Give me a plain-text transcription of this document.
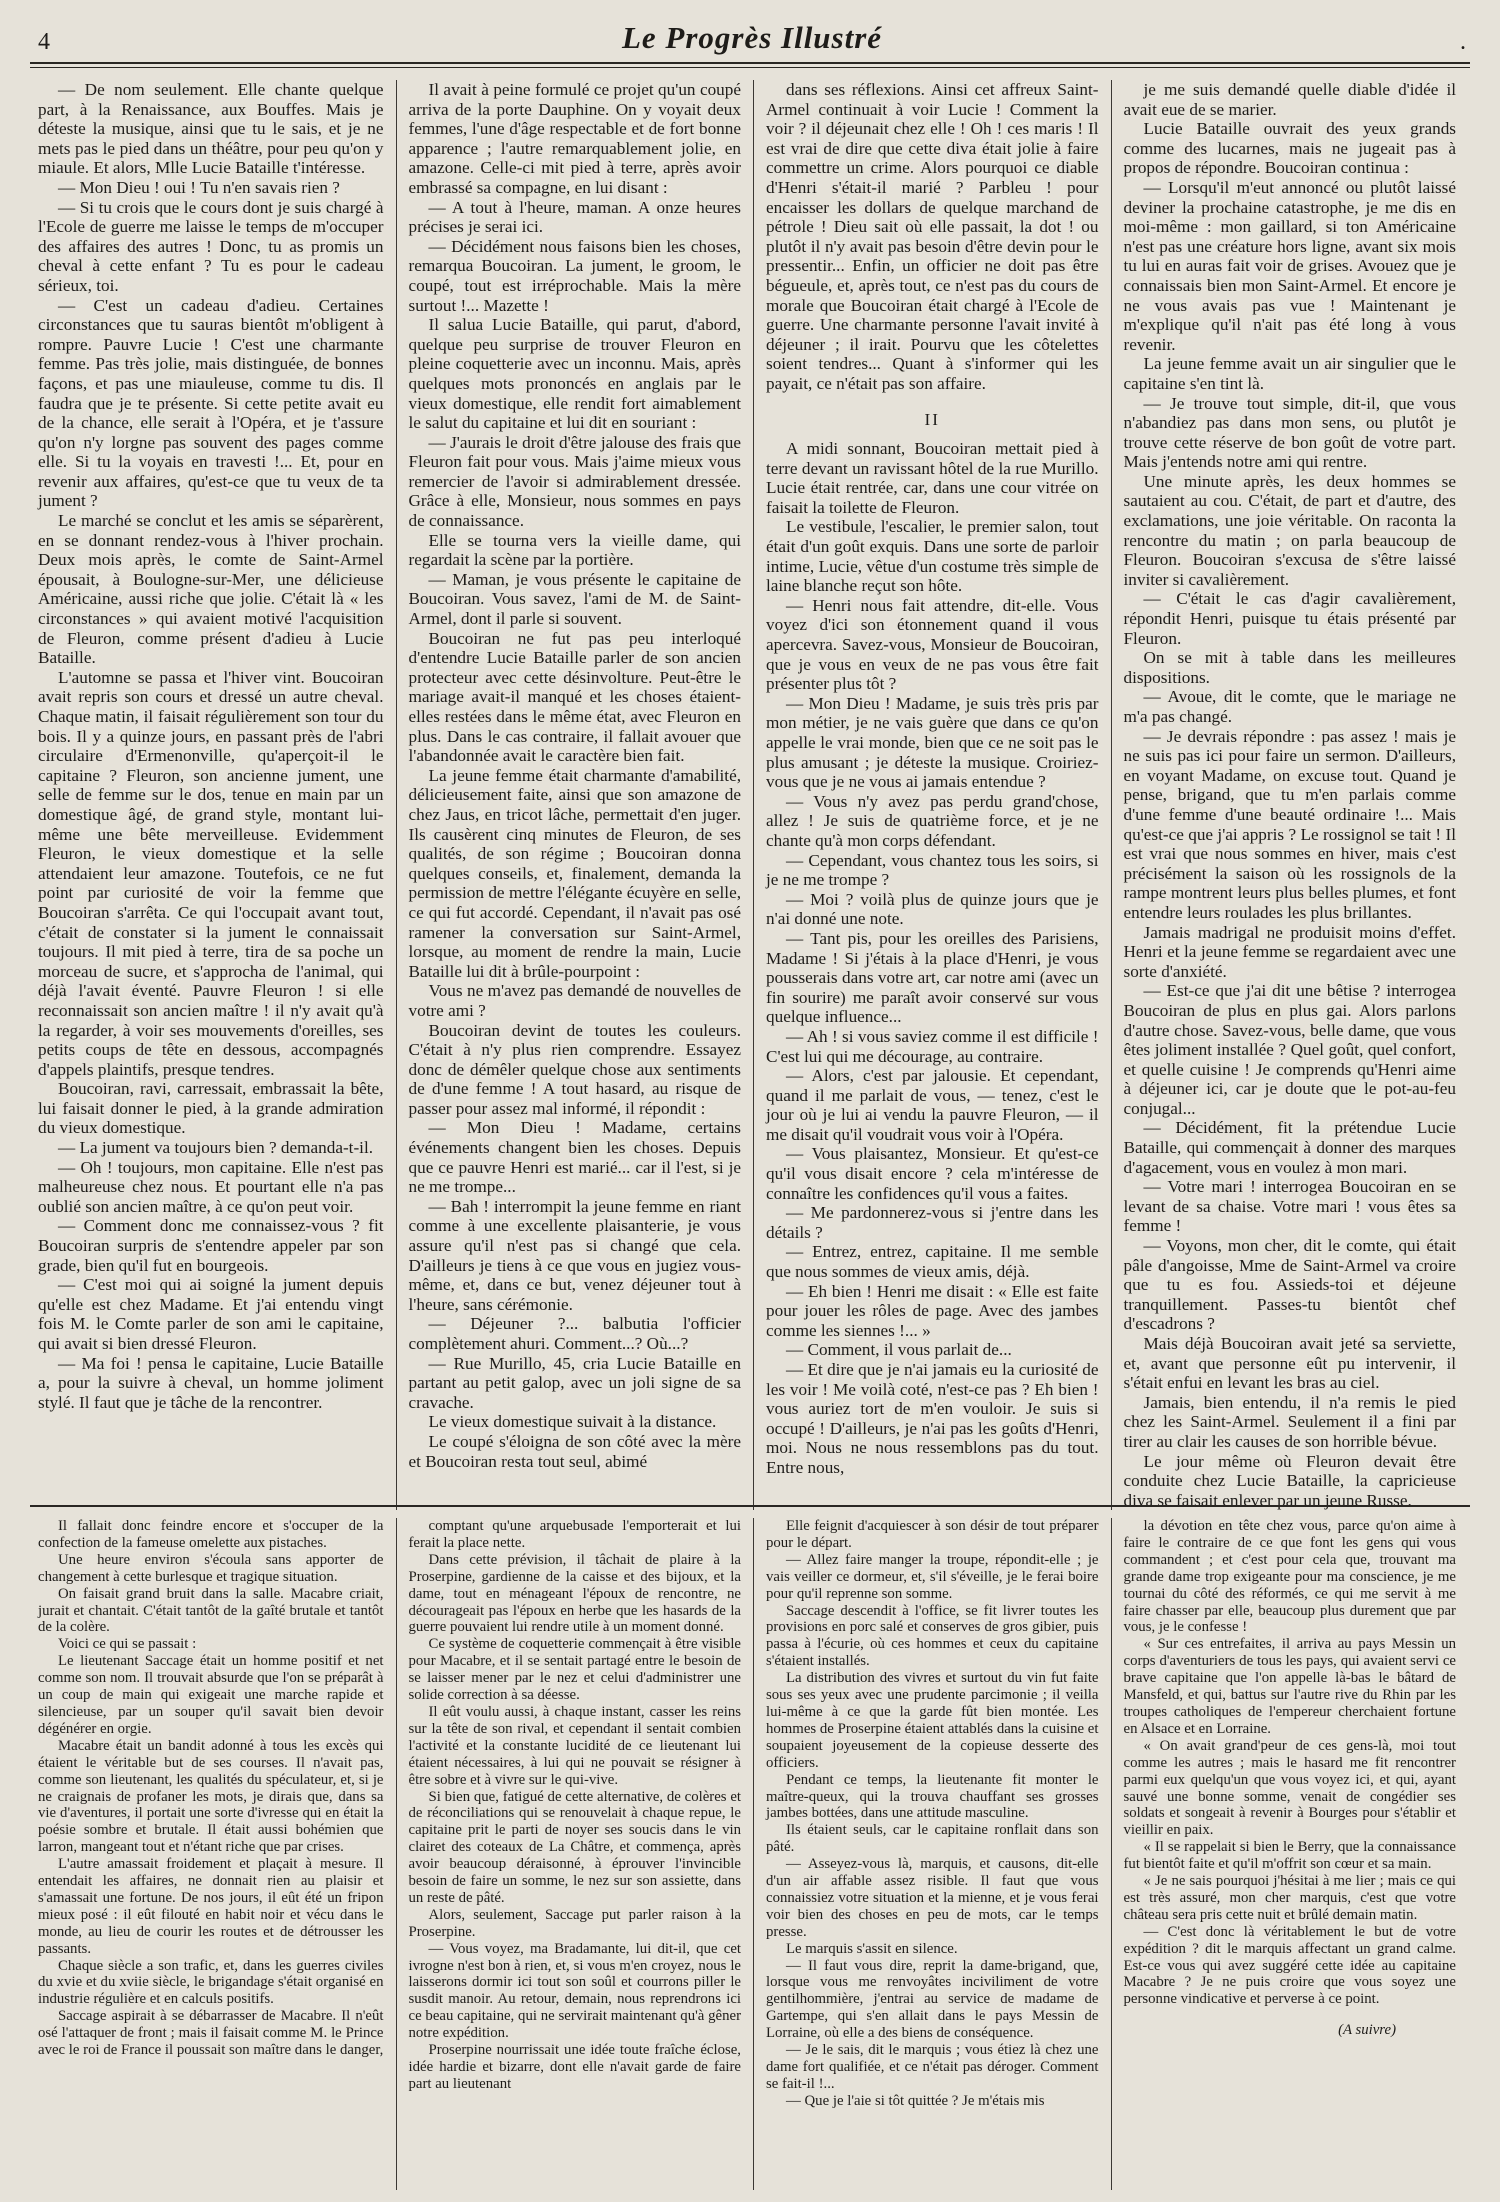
4	Le Progrès Illustré	.

— De nom seulement. Elle chante quelque part, à la Renaissance, aux Bouffes. Mais je déteste la musique, ainsi que tu le sais, et je ne mets pas le pied dans un théâtre, pour peu qu'on y miaule. Et alors, Mlle Lucie Bataille t'intéresse.

— Mon Dieu ! oui ! Tu n'en savais rien ?

— Si tu crois que le cours dont je suis chargé à l'Ecole de guerre me laisse le temps de m'occuper des affaires des autres ! Donc, tu as promis un cheval à cette enfant ? Tu es pour le cadeau sérieux, toi.

— C'est un cadeau d'adieu. Certaines circonstances que tu sauras bientôt m'obligent à rompre. Pauvre Lucie ! C'est une charmante femme. Pas très jolie, mais distinguée, de bonnes façons, et pas une miauleuse, comme tu dis. Il faudra que je te présente. Si cette petite avait eu de la chance, elle serait à l'Opéra, et je t'assure qu'on n'y lorgne pas souvent des pages comme elle. Si tu la voyais en travesti !... Et, pour en revenir aux affaires, qu'est-ce que tu veux de ta jument ?

Le marché se conclut et les amis se séparèrent, en se donnant rendez-vous à l'hiver prochain. Deux mois après, le comte de Saint-Armel épousait, à Boulogne-sur-Mer, une délicieuse Américaine, aussi riche que jolie. C'était là « les circonstances » qui avaient motivé l'acquisition de Fleuron, comme présent d'adieu à Lucie Bataille.

L'automne se passa et l'hiver vint. Boucoiran avait repris son cours et dressé un autre cheval. Chaque matin, il faisait régulièrement son tour du bois. Il y a quinze jours, en passant près de l'abri circulaire d'Ermenonville, qu'aperçoit-il le capitaine ? Fleuron, son ancienne jument, une selle de femme sur le dos, tenue en main par un domestique âgé, de grand style, montant lui-même une bête merveilleuse. Evidemment Fleuron, le vieux domestique et la selle attendaient leur amazone. Toutefois, ce ne fut point par curiosité de voir la femme que Boucoiran s'arrêta. Ce qui l'occupait avant tout, c'était de constater si la jument le connaissait toujours. Il mit pied à terre, tira de sa poche un morceau de sucre, et s'approcha de l'animal, qui déjà l'avait éventé. Pauvre Fleuron ! si elle reconnaissait son ancien maître ! il n'y avait qu'à la regarder, à voir ses mouvements d'oreilles, ses petits coups de tête en dessous, accompagnés d'appels plaintifs, presque tendres.

Boucoiran, ravi, carressait, embrassait la bête, lui faisait donner le pied, à la grande admiration du vieux domestique.

— La jument va toujours bien ? demanda-t-il.

— Oh ! toujours, mon capitaine. Elle n'est pas malheureuse chez nous. Et pourtant elle n'a pas oublié son ancien maître, à ce qu'on peut voir.

— Comment donc me connaissez-vous ? fit Boucoiran surpris de s'entendre appeler par son grade, bien qu'il fut en bourgeois.

— C'est moi qui ai soigné la jument depuis qu'elle est chez Madame. Et j'ai entendu vingt fois M. le Comte parler de son ami le capitaine, qui avait si bien dressé Fleuron.

— Ma foi ! pensa le capitaine, Lucie Bataille a, pour la suivre à cheval, un homme joliment stylé. Il faut que je tâche de la rencontrer.

Il avait à peine formulé ce projet qu'un coupé arriva de la porte Dauphine. On y voyait deux femmes, l'une d'âge respectable et de fort bonne apparence ; l'autre remarquablement jolie, en amazone. Celle-ci mit pied à terre, après avoir embrassé sa compagne, en lui disant :

— A tout à l'heure, maman. A onze heures précises je serai ici.

— Décidément nous faisons bien les choses, remarqua Boucoiran. La jument, le groom, le coupé, tout est irréprochable. Mais la mère surtout !... Mazette !

Il salua Lucie Bataille, qui parut, d'abord, quelque peu surprise de trouver Fleuron en pleine coquetterie avec un inconnu. Mais, après quelques mots prononcés en anglais par le vieux domestique, elle rendit fort aimablement le salut du capitaine et lui dit en souriant :

— J'aurais le droit d'être jalouse des frais que Fleuron fait pour vous. Mais j'aime mieux vous remercier de l'avoir si admirablement dressée. Grâce à elle, Monsieur, nous sommes en pays de connaissance.

Elle se tourna vers la vieille dame, qui regardait la scène par la portière.

— Maman, je vous présente le capitaine de Boucoiran. Vous savez, l'ami de M. de Saint-Armel, dont il parle si souvent.

Boucoiran ne fut pas peu interloqué d'entendre Lucie Bataille parler de son ancien protecteur avec cette désinvolture. Peut-être le mariage avait-il manqué et les choses étaient-elles restées dans le même état, avec Fleuron en plus. Dans le cas contraire, il fallait avouer que l'abandonnée avait le caractère bien fait.

La jeune femme était charmante d'amabilité, délicieusement faite, ainsi que son amazone de chez Jaus, en tricot lâche, permettait d'en juger. Ils causèrent cinq minutes de Fleuron, de ses qualités, de son régime ; Boucoiran donna quelques conseils, et, finalement, demanda la permission de mettre l'élégante écuyère en selle, ce qui fut accordé. Cependant, il n'avait pas osé ramener la conversation sur Saint-Armel, lorsque, au moment de rendre la main, Lucie Bataille lui dit à brûle-pourpoint :

Vous ne m'avez pas demandé de nouvelles de votre ami ?

Boucoiran devint de toutes les couleurs. C'était à n'y plus rien comprendre. Essayez donc de démêler quelque chose aux sentiments de d'une femme ! A tout hasard, au risque de passer pour assez mal informé, il répondit :

— Mon Dieu ! Madame, certains événements changent bien les choses. Depuis que ce pauvre Henri est marié... car il l'est, si je ne me trompe...

— Bah ! interrompit la jeune femme en riant comme à une excellente plaisanterie, je vous assure qu'il n'est pas si changé que cela. D'ailleurs je tiens à ce que vous en jugiez vous-même, et, dans ce but, venez déjeuner tout à l'heure, sans cérémonie.

— Déjeuner ?... balbutia l'officier complètement ahuri. Comment...? Où...?

— Rue Murillo, 45, cria Lucie Bataille en partant au petit galop, avec un joli signe de sa cravache.

Le vieux domestique suivait à la distance.

Le coupé s'éloigna de son côté avec la mère et Boucoiran resta tout seul, abimé

dans ses réflexions. Ainsi cet affreux Saint-Armel continuait à voir Lucie ! Comment la voir ? il déjeunait chez elle ! Oh ! ces maris ! Il est vrai de dire que cette diva était jolie à faire commettre un crime. Alors pourquoi ce diable d'Henri s'était-il marié ? Parbleu ! pour encaisser les dollars de quelque marchand de pétrole ! Dieu sait où elle passait, la dot ! ou plutôt il n'y avait pas besoin d'être devin pour le pressentir... Enfin, un officier ne doit pas être bégueule, et, après tout, ce n'est pas du cours de morale que Boucoiran était chargé à l'Ecole de guerre. Une charmante personne l'avait invité à déjeuner ; il irait. Pourvu que les côtelettes soient tendres... Quant à s'informer qui les payait, ce n'était pas son affaire.

II

A midi sonnant, Boucoiran mettait pied à terre devant un ravissant hôtel de la rue Murillo. Lucie était rentrée, car, dans une cour vitrée on faisait la toilette de Fleuron.

Le vestibule, l'escalier, le premier salon, tout était d'un goût exquis. Dans une sorte de parloir intime, Lucie, vêtue d'un costume très simple de laine blanche reçut son hôte.

— Henri nous fait attendre, dit-elle. Vous voyez d'ici son étonnement quand il vous apercevra. Savez-vous, Monsieur de Boucoiran, que je vous en veux de ne pas vous être fait présenter plus tôt ?

— Mon Dieu ! Madame, je suis très pris par mon métier, je ne vais guère que dans ce qu'on appelle le vrai monde, bien que ce ne soit pas le plus amusant ; je déteste la musique. Croiriez-vous que je ne vous ai jamais entendue ?

— Vous n'y avez pas perdu grand'chose, allez ! Je suis de quatrième force, et je ne chante qu'à mon corps défendant.

— Cependant, vous chantez tous les soirs, si je ne me trompe ?

— Moi ? voilà plus de quinze jours que je n'ai donné une note.

— Tant pis, pour les oreilles des Parisiens, Madame ! Si j'étais à la place d'Henri, je vous pousserais dans votre art, car notre ami (avec un fin sourire) me paraît avoir conservé sur vous quelque influence...

— Ah ! si vous saviez comme il est difficile ! C'est lui qui me décourage, au contraire.

— Alors, c'est par jalousie. Et cependant, quand il me parlait de vous, — tenez, c'est le jour où je lui ai vendu la pauvre Fleuron, — il me disait qu'il voudrait vous voir à l'Opéra.

— Vous plaisantez, Monsieur. Et qu'est-ce qu'il vous disait encore ? cela m'intéresse de connaître les confidences qu'il vous a faites.

— Me pardonnerez-vous si j'entre dans les détails ?

— Entrez, entrez, capitaine. Il me semble que nous sommes de vieux amis, déjà.

— Eh bien ! Henri me disait : « Elle est faite pour jouer les rôles de page. Avec des jambes comme les siennes !... »

— Comment, il vous parlait de...

— Et dire que je n'ai jamais eu la curiosité de les voir ! Me voilà coté, n'est-ce pas ? Eh bien ! vous auriez tort de m'en vouloir. Je suis si occupé ! D'ailleurs, je n'ai pas les goûts d'Henri, moi. Nous ne nous ressemblons pas du tout. Entre nous,

je me suis demandé quelle diable d'idée il avait eue de se marier.

Lucie Bataille ouvrait des yeux grands comme des lucarnes, mais ne jugeait pas à propos de répondre. Boucoiran continua :

— Lorsqu'il m'eut annoncé ou plutôt laissé deviner la prochaine catastrophe, je me dis en moi-même : mon gaillard, si ton Américaine n'est pas une créature hors ligne, avant six mois tu lui en auras fait voir de grises. Avouez que je connaissais bien mon Saint-Armel. Et encore je ne vous avais pas vue ! Maintenant je m'explique qu'il n'ait pas été long à vous revenir.

La jeune femme avait un air singulier que le capitaine s'en tint là.

— Je trouve tout simple, dit-il, que vous n'abandiez pas dans mon sens, ou plutôt je trouve cette réserve de bon goût de votre part. Mais j'entends notre ami qui rentre.

Une minute après, les deux hommes se sautaient au cou. C'était, de part et d'autre, des exclamations, une joie véritable. On raconta la rencontre du matin ; on parla beaucoup de Fleuron. Boucoiran s'excusa de s'être laissé inviter si cavalièrement.

— C'était le cas d'agir cavalièrement, répondit Henri, puisque tu étais présenté par Fleuron.

On se mit à table dans les meilleures dispositions.

— Avoue, dit le comte, que le mariage ne m'a pas changé.

— Je devrais répondre : pas assez ! mais je ne suis pas ici pour faire un sermon. D'ailleurs, en voyant Madame, on excuse tout. Quand je pense, brigand, que tu m'en parlais comme d'une femme d'une beauté ordinaire !... Mais qu'est-ce que j'ai appris ? Le rossignol se tait ! Il est vrai que nous sommes en hiver, mais c'est précisément la saison où les rossignols de la rampe montrent leurs plus belles plumes, et font entendre leurs roulades les plus brillantes.

Jamais madrigal ne produisit moins d'effet. Henri et la jeune femme se regardaient avec une sorte d'anxiété.

— Est-ce que j'ai dit une bêtise ? interrogea Boucoiran de plus en plus gai. Alors parlons d'autre chose. Savez-vous, belle dame, que vous êtes joliment installée ? Quel goût, quel confort, et quelle cuisine ! Je comprends qu'Henri aime à déjeuner ici, car je doute que le pot-au-feu conjugal...

— Décidément, fit la prétendue Lucie Bataille, qui commençait à donner des marques d'agacement, vous en voulez à mon mari.

— Votre mari ! interrogea Boucoiran en se levant de sa chaise. Votre mari ! vous êtes sa femme !

— Voyons, mon cher, dit le comte, qui était pâle d'angoisse, Mme de Saint-Armel va croire que tu es fou. Assieds-toi et déjeune tranquillement. Passes-tu bientôt chef d'escadrons ?

Mais déjà Boucoiran avait jeté sa serviette, et, avant que personne eût pu intervenir, il s'était enfui en levant les bras au ciel.

Jamais, bien entendu, il n'a remis le pied chez les Saint-Armel. Seulement il a fini par tirer au clair les causes de son horrible bévue.

Le jour même où Fleuron devait être conduite chez Lucie Bataille, la capricieuse diva se faisait enlever par un jeune Russe.

Il fallait donc feindre encore et s'occuper de la confection de la fameuse omelette aux pistaches.

Une heure environ s'écoula sans apporter de changement à cette burlesque et tragique situation.

On faisait grand bruit dans la salle. Macabre criait, jurait et chantait. C'était tantôt de la gaîté brutale et tantôt de la colère.

Voici ce qui se passait :

Le lieutenant Saccage était un homme positif et net comme son nom. Il trouvait absurde que l'on se préparât à un coup de main qui exigeait une marche rapide et silencieuse, par un souper qu'il savait bien devoir dégénérer en orgie.

Macabre était un bandit adonné à tous les excès qui étaient le véritable but de ses courses. Il n'avait pas, comme son lieutenant, les qualités du spéculateur, et, si je ne craignais de profaner les mots, je dirais que, dans sa vie d'aventures, il portait une sorte d'ivresse qui en était la poésie sombre et brutale. Il était aussi bohémien que larron, mangeant tout et n'étant riche que par crises.

L'autre amassait froidement et plaçait à mesure. Il entendait les affaires, ne donnait rien au plaisir et s'amassait une fortune. De nos jours, il eût été un fripon mieux posé : il eût filouté en habit noir et vécu dans le monde, au lieu de courir les routes et de détrousser les passants.

Chaque siècle a son trafic, et, dans les guerres civiles du xvie et du xviie siècle, le brigandage s'était organisé en industrie régulière et en calculs positifs.

Saccage aspirait à se débarrasser de Macabre. Il n'eût osé l'attaquer de front ; mais il faisait comme M. le Prince avec le roi de France il poussait son maître dans le danger,

comptant qu'une arquebusade l'emporterait et lui ferait la place nette.

Dans cette prévision, il tâchait de plaire à la Proserpine, gardienne de la caisse et des bijoux, et la dame, tout en ménageant l'époux de rencontre, ne décourageait pas l'époux en herbe que les hasards de la guerre pouvaient lui rendre utile à un moment donné.

Ce système de coquetterie commençait à être visible pour Macabre, et il se sentait partagé entre le besoin de se laisser mener par le nez et celui d'administrer une solide correction à sa déesse.

Il eût voulu aussi, à chaque instant, casser les reins sur la tête de son rival, et cependant il sentait combien l'activité et la constante lucidité de ce lieutenant lui étaient nécessaires, à lui qui ne pouvait se résigner à être sobre et à vivre sur le qui-vive.

Si bien que, fatigué de cette alternative, de colères et de réconciliations qui se renouvelait à chaque repue, le capitaine prit le parti de noyer ses soucis dans le vin clairet des coteaux de La Châtre, et commença, après avoir beaucoup déraisonné, à éprouver l'invincible besoin de faire un somme, le nez sur son assiette, dans un reste de pâté.

Alors, seulement, Saccage put parler raison à la Proserpine.

— Vous voyez, ma Bradamante, lui dit-il, que cet ivrogne n'est bon à rien, et, si vous m'en croyez, nous le laisserons dormir ici tout son soûl et courrons piller le susdit manoir. Au retour, demain, nous reprendrons ici ce beau capitaine, qui ne servirait maintenant qu'à gêner notre expédition.

Proserpine nourrissait une idée toute fraîche éclose, idée hardie et bizarre, dont elle n'avait garde de faire part au lieutenant

Elle feignit d'acquiescer à son désir de tout préparer pour le départ.

— Allez faire manger la troupe, répondit-elle ; je vais veiller ce dormeur, et, s'il s'éveille, je le ferai boire pour qu'il reprenne son somme.

Saccage descendit à l'office, se fit livrer toutes les provisions en porc salé et conserves de gros gibier, puis passa à l'écurie, où ces hommes et ceux du capitaine s'étaient installés.

La distribution des vivres et surtout du vin fut faite sous ses yeux avec une prudente parcimonie ; il veilla lui-même à ce que la garde fût bien montée. Les hommes de Proserpine étaient attablés dans la cuisine et soupaient joyeusement de la copieuse desserte des officiers.

Pendant ce temps, la lieutenante fit monter le maître-queux, qui la trouva chauffant ses grosses jambes bottées, dans une attitude masculine.

Ils étaient seuls, car le capitaine ronflait dans son pâté.

— Asseyez-vous là, marquis, et causons, dit-elle d'un air affable assez risible. Il faut que vous connaissiez votre situation et la mienne, et je vous ferai voir bien des choses en peu de mots, car le temps presse.

Le marquis s'assit en silence.

— Il faut vous dire, reprit la dame-brigand, que, lorsque vous me renvoyâtes inciviliment de votre gentilhommière, j'entrai au service de madame de Gartempe, qui s'en allait dans le pays Messin de Lorraine, où elle a des biens de conséquence.

— Je le sais, dit le marquis ; vous étiez là chez une dame fort qualifiée, et ce n'était pas déroger. Comment se fait-il !...

— Que je l'aie si tôt quittée ? Je m'étais mis

la dévotion en tête chez vous, parce qu'on aime à faire le contraire de ce que font les gens qui vous commandent ; et c'est pour cela que, trouvant ma grande dame trop exigeante pour ma conscience, je me tournai du côté des réformés, ce qui me servit à me faire chasser par elle, beaucoup plus durement que par vous, je le confesse !

« Sur ces entrefaites, il arriva au pays Messin un corps d'aventuriers de tous les pays, qui avaient servi ce brave capitaine que l'on appelle là-bas le bâtard de Mansfeld, et qui, battus sur l'autre rive du Rhin par les troupes catholiques de l'empereur cherchaient fortune en Alsace et en Lorraine.

« On avait grand'peur de ces gens-là, moi tout comme les autres ; mais le hasard me fit rencontrer parmi eux quelqu'un que vous voyez ici, et qui, ayant sauvé une bonne somme, venait de congédier ses soldats et songeait à revenir à Bourges pour s'établir et vieillir en paix.

« Il se rappelait si bien le Berry, que la connaissance fut bientôt faite et qu'il m'offrit son cœur et sa main.

« Je ne sais pourquoi j'hésitai à me lier ; mais ce qui est très assuré, mon cher marquis, c'est que votre château sera pris cette nuit et brûlé demain matin.

— C'est donc là véritablement le but de votre expédition ? dit le marquis affectant un grand calme. Est-ce vous qui avez suggéré cette idée au capitaine Macabre ? Je ne puis croire que vous soyez une personne vindicative et perverse à ce point.

(A suivre)
